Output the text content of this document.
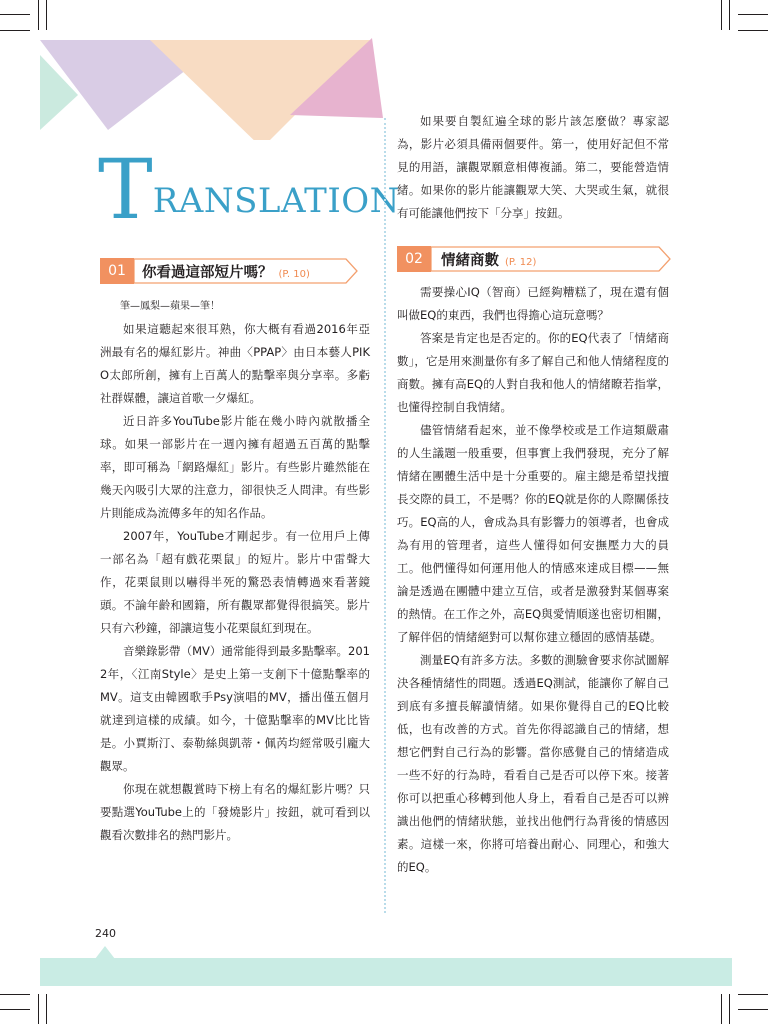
TRANSLATION
01	你看過這部短片嗎？ (P. 10)

筆—鳳梨—蘋果—筆！

如果這聽起來很耳熟，你大概有看過2016年亞洲最有名的爆紅影片。神曲〈PPAP〉由日本藝人PIKO太郎所創，擁有上百萬人的點擊率與分享率。多虧社群媒體，讓這首歌一夕爆紅。

近日許多YouTube影片能在幾小時內就散播全球。如果一部影片在一週內擁有超過五百萬的點擊率，即可稱為「網路爆紅」影片。有些影片雖然能在幾天內吸引大眾的注意力，卻很快乏人問津。有些影片則能成為流傳多年的知名作品。

2007年，YouTube才剛起步。有一位用戶上傳一部名為「超有戲花栗鼠」的短片。影片中雷聲大作，花栗鼠則以嚇得半死的驚恐表情轉過來看著鏡頭。不論年齡和國籍，所有觀眾都覺得很搞笑。影片只有六秒鐘，卻讓這隻小花栗鼠紅到現在。

音樂錄影帶（MV）通常能得到最多點擊率。2012年，〈江南Style〉是史上第一支創下十億點擊率的MV。這支由韓國歌手Psy演唱的MV，播出僅五個月就達到這樣的成績。如今，十億點擊率的MV比比皆是。小賈斯汀、泰勒絲與凱蒂・佩芮均經常吸引龐大觀眾。

你現在就想觀賞時下榜上有名的爆紅影片嗎？只要點選YouTube上的「發燒影片」按鈕，就可看到以觀看次數排名的熱門影片。

如果要自製紅遍全球的影片該怎麼做？專家認為，影片必須具備兩個要件。第一，使用好記但不常見的用語，讓觀眾願意相傳複誦。第二，要能營造情緒。如果你的影片能讓觀眾大笑、大哭或生氣，就很有可能讓他們按下「分享」按鈕。

02	情緒商數 (P. 12)

需要操心IQ（智商）已經夠糟糕了，現在還有個叫做EQ的東西，我們也得擔心這玩意嗎？

答案是肯定也是否定的。你的EQ代表了「情緒商數」，它是用來測量你有多了解自己和他人情緒程度的商數。擁有高EQ的人對自我和他人的情緒瞭若指掌，也懂得控制自我情緒。

儘管情緒看起來，並不像學校或是工作這類嚴肅的人生議題一般重要，但事實上我們發現，充分了解情緒在團體生活中是十分重要的。雇主總是希望找擅長交際的員工，不是嗎？你的EQ就是你的人際關係技巧。EQ高的人，會成為具有影響力的領導者，也會成為有用的管理者，這些人懂得如何安撫壓力大的員工。他們懂得如何運用他人的情感來達成目標——無論是透過在團體中建立互信，或者是激發對某個專案的熱情。在工作之外，高EQ與愛情順遂也密切相關，了解伴侶的情緒絕對可以幫你建立穩固的感情基礎。

測量EQ有許多方法。多數的測驗會要求你試圖解決各種情緒性的問題。透過EQ測試，能讓你了解自己到底有多擅長解讀情緒。如果你覺得自己的EQ比較低，也有改善的方式。首先你得認識自己的情緒，想想它們對自己行為的影響。當你感覺自己的情緒造成一些不好的行為時，看看自己是否可以停下來。接著你可以把重心移轉到他人身上，看看自己是否可以辨識出他們的情緒狀態，並找出他們行為背後的情感因素。這樣一來，你將可培養出耐心、同理心，和強大的EQ。

240
